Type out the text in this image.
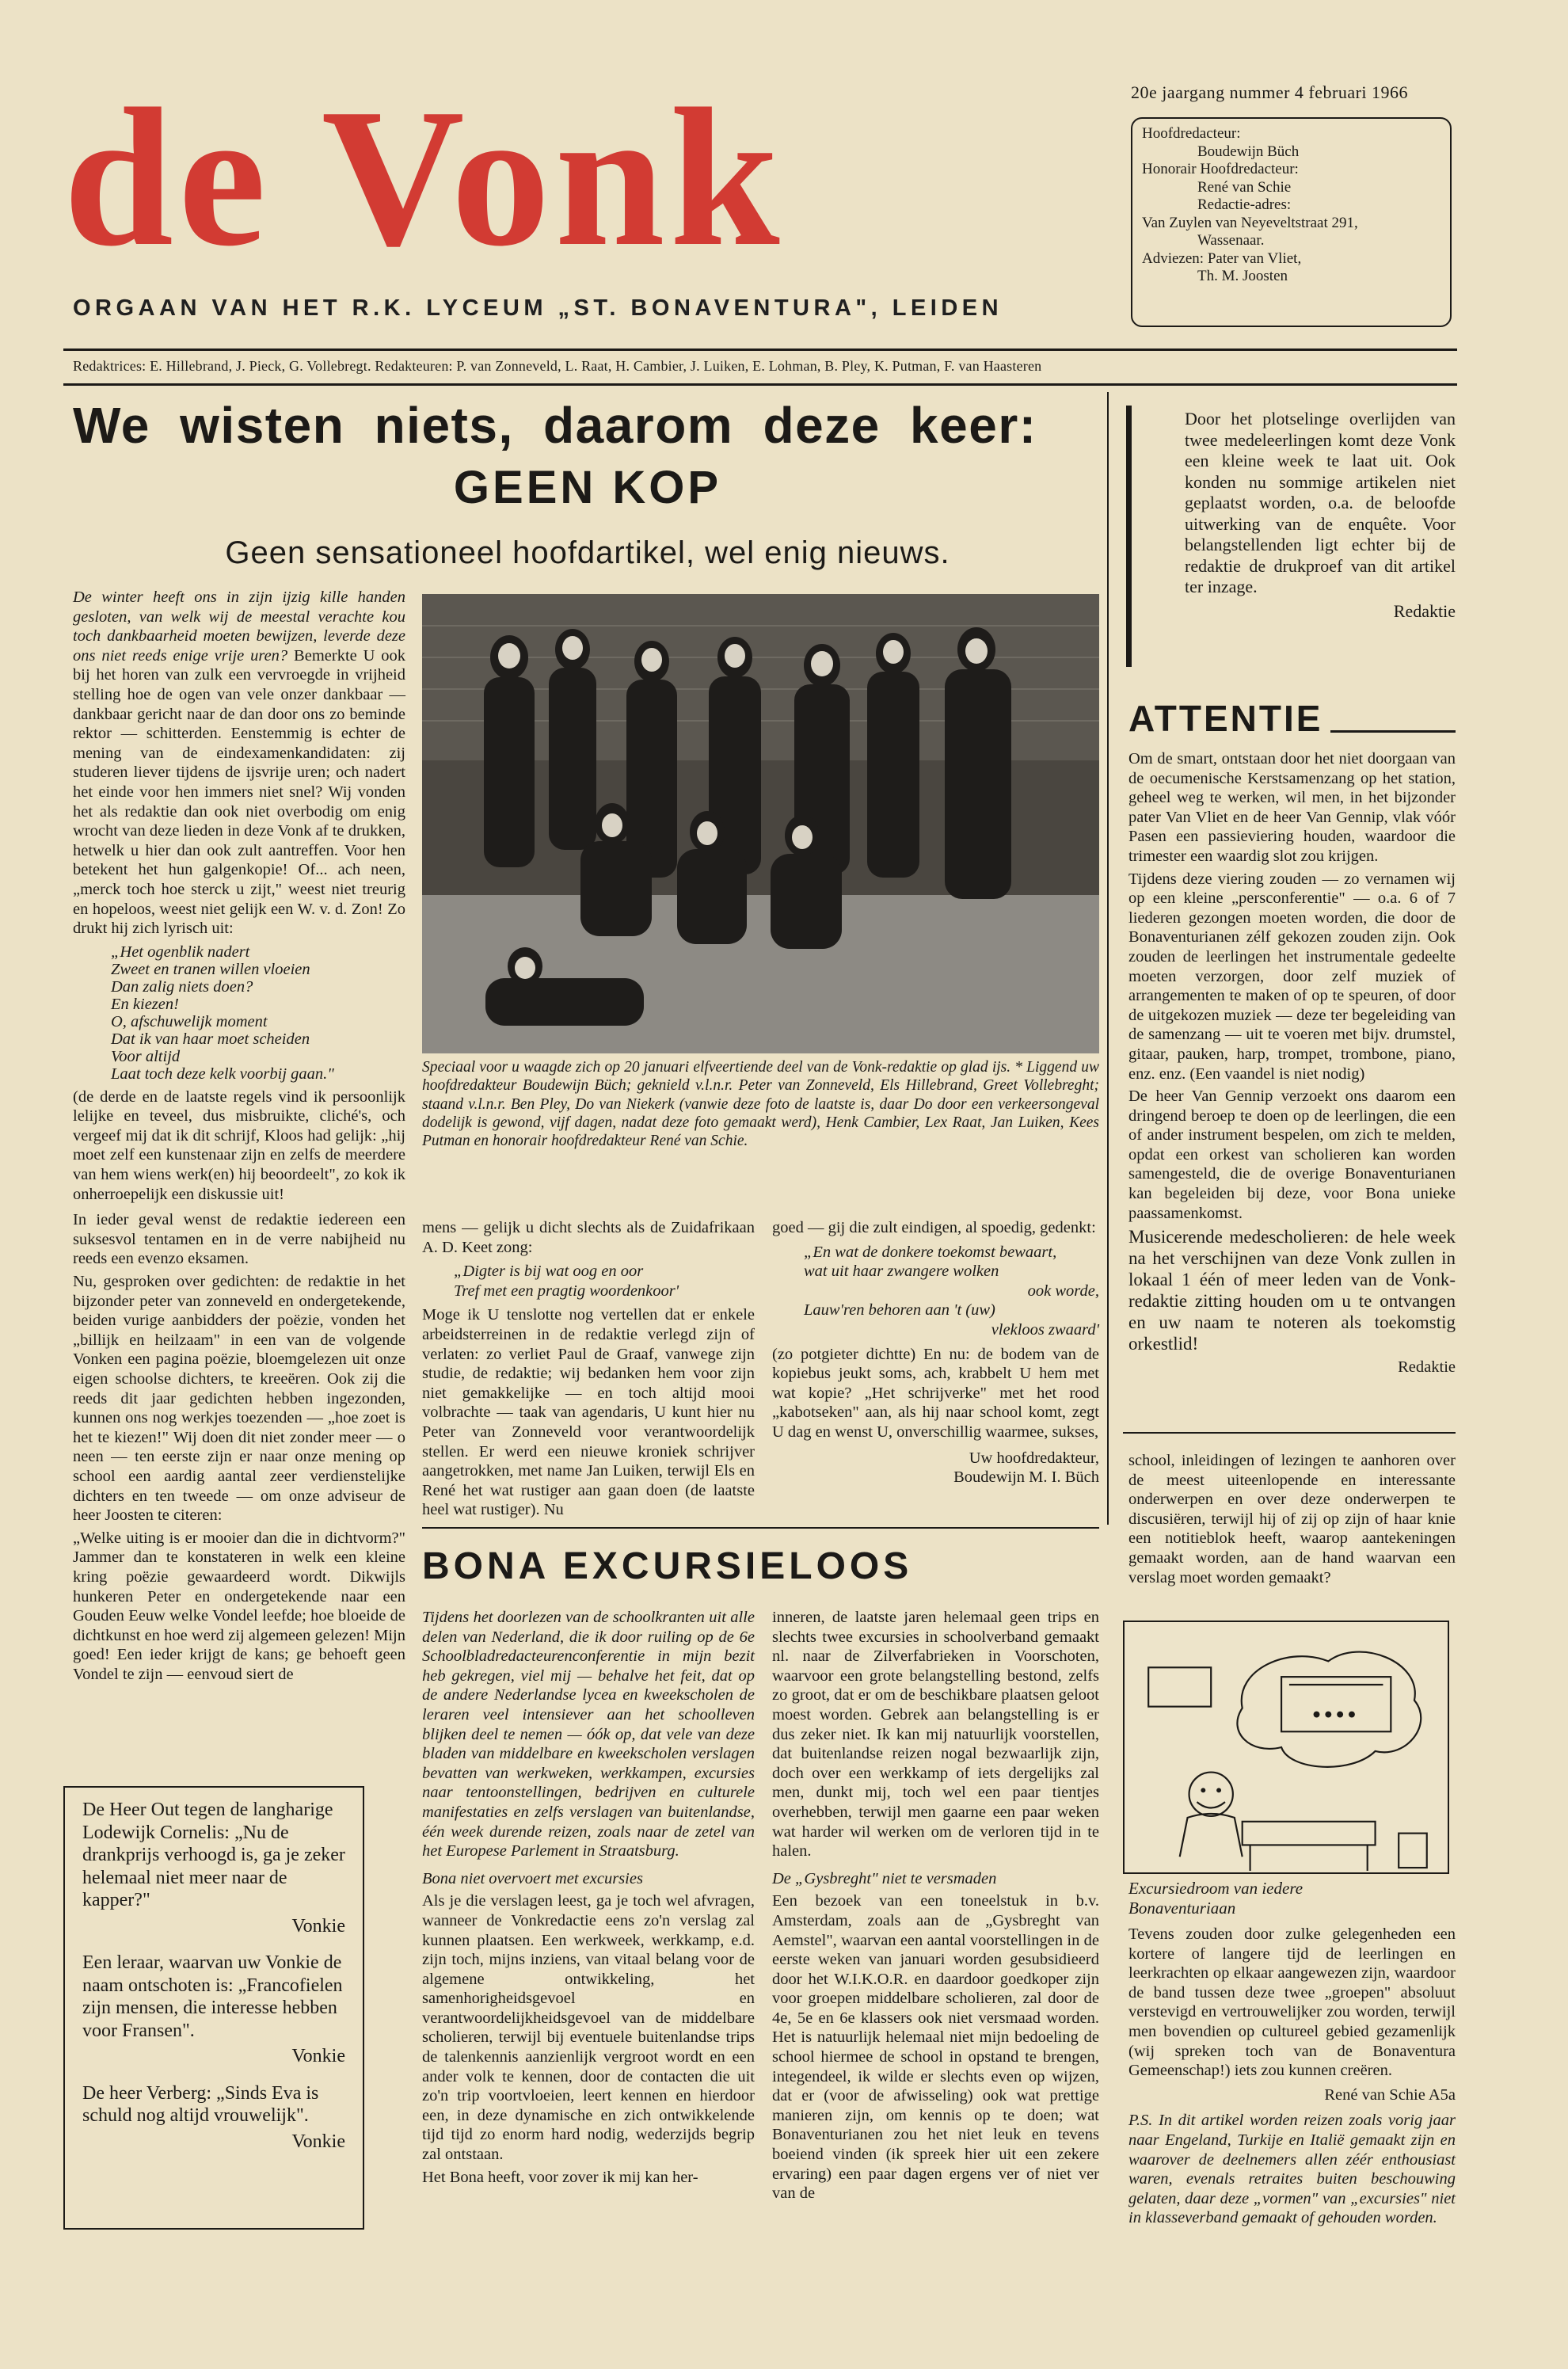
de Vonk
ORGAAN VAN HET R.K. LYCEUM „ST. BONAVENTURA", LEIDEN
20e jaargang nummer 4 februari 1966
Hoofdredacteur:
Boudewijn Büch
Honorair Hoofdredacteur:
René van Schie
Redactie-adres:
Van Zuylen van Neyeveltstraat 291,
Wassenaar.
Adviezen: Pater van Vliet,
Th. M. Joosten
Redaktrices: E. Hillebrand, J. Pieck, G. Vollebregt. Redakteuren: P. van Zonneveld, L. Raat, H. Cambier, J. Luiken, E. Lohman, B. Pley, K. Putman, F. van Haasteren
We wisten niets, daarom deze keer:
GEEN KOP
Geen sensationeel hoofdartikel, wel enig nieuws.

De winter heeft ons in zijn ijzig kille handen gesloten, van welk wij de meestal verachte kou toch dankbaarheid moeten bewijzen, leverde deze ons niet reeds enige vrije uren? Bemerkte U ook bij het horen van zulk een vervroegde in vrijheid stelling hoe de ogen van vele onzer dankbaar — dankbaar gericht naar de dan door ons zo beminde rektor — schitterden. Eenstemmig is echter de mening van de eindexamenkandidaten: zij studeren liever tijdens de ijsvrije uren; och nadert het einde voor hen immers niet snel? Wij vonden het als redaktie dan ook niet overbodig om enig wrocht van deze lieden in deze Vonk af te drukken, hetwelk u hier dan ook zult aantreffen. Voor hen betekent het hun galgenkopie! Of... ach neen, „merck toch hoe sterck u zijt," weest niet treurig en hopeloos, weest niet gelijk een W. v. d. Zon! Zo drukt hij zich lyrisch uit:

„Het ogenblik nadert
Zweet en tranen willen vloeien
Dan zalig niets doen?
En kiezen!
O, afschuwelijk moment
Dat ik van haar moet scheiden
Voor altijd
Laat toch deze kelk voorbij gaan."

(de derde en de laatste regels vind ik persoonlijk lelijke en teveel, dus misbruikte, cliché's, och vergeef mij dat ik dit schrijf, Kloos had gelijk: „hij moet zelf een kunstenaar zijn en zelfs de meerdere van hem wiens werk(en) hij beoordeelt", zo kok ik onherroepelijk een diskussie uit!

In ieder geval wenst de redaktie iedereen een suksesvol tentamen en in de verre nabijheid nu reeds een evenzo eksamen.

Nu, gesproken over gedichten: de redaktie in het bijzonder peter van zonneveld en ondergetekende, beiden vurige aanbidders der poëzie, vonden het „billijk en heilzaam" in een van de volgende Vonken een pagina poëzie, bloemgelezen uit onze eigen schoolse dichters, te kreeëren. Ook zij die reeds dit jaar gedichten hebben ingezonden, kunnen ons nog werkjes toezenden — „hoe zoet is het te kiezen!" Wij doen dit niet zonder meer — o neen — ten eerste zijn er naar onze mening op school een aardig aantal zeer verdienstelijke dichters en ten tweede — om onze adviseur de heer Joosten te citeren:

„Welke uiting is er mooier dan die in dichtvorm?" Jammer dan te konstateren in welk een kleine kring poëzie gewaardeerd wordt. Dikwijls hunkeren Peter en ondergetekende naar een Gouden Eeuw welke Vondel leefde; hoe bloeide de dichtkunst en hoe werd zij algemeen gelezen! Mijn goed! Een ieder krijgt de kans; ge behoeft geen Vondel te zijn — eenvoud siert de

Speciaal voor u waagde zich op 20 januari elfveertiende deel van de Vonk-redaktie op glad ijs. * Liggend uw hoofdredakteur Boudewijn Büch; geknield v.l.n.r. Peter van Zonneveld, Els Hillebrand, Greet Vollebreght; staand v.l.n.r. Ben Pley, Do van Niekerk (vanwie deze foto de laatste is, daar Do door een verkeersongeval dodelijk is gewond, vijf dagen, nadat deze foto gemaakt werd), Henk Cambier, Lex Raat, Jan Luiken, Kees Putman en honorair hoofdredakteur René van Schie.

mens — gelijk u dicht slechts als de Zuidafrikaan A. D. Keet zong:

„Digter is bij wat oog en oor
Tref met een pragtig woordenkoor'

Moge ik U tenslotte nog vertellen dat er enkele arbeidsterreinen in de redaktie verlegd zijn of verlaten: zo verliet Paul de Graaf, vanwege zijn studie, de redaktie; wij bedanken hem voor zijn niet gemakkelijke — en toch altijd mooi volbrachte — taak van agendaris, U kunt hier nu Peter van Zonneveld voor verantwoordelijk stellen. Er werd een nieuwe kroniek schrijver aangetrokken, met name Jan Luiken, terwijl Els en René het wat rustiger aan gaan doen (de laatste heel wat rustiger). Nu

goed — gij die zult eindigen, al spoedig, gedenkt:

„En wat de donkere toekomst bewaart,
wat uit haar zwangere wolken
ook worde,
Lauw'ren behoren aan 't (uw)
vlekloos zwaard'

(zo potgieter dichtte) En nu: de bodem van de kopiebus jeukt soms, ach, krabbelt U hem met wat kopie? „Het schrijverke" met het rood „kabotseken" aan, als hij naar school komt, zegt U dag en wenst U, onverschillig waarmee, sukses,

Uw hoofdredakteur,
Boudewijn M. I. Büch

Door het plotselinge overlijden van twee medeleerlingen komt deze Vonk een kleine week te laat uit. Ook konden nu sommige artikelen niet geplaatst worden, o.a. de beloofde uitwerking van de enquête. Voor belangstellenden ligt echter bij de redaktie de drukproef van dit artikel ter inzage.

Redaktie

ATTENTIE

Om de smart, ontstaan door het niet doorgaan van de oecumenische Kerstsamenzang op het station, geheel weg te werken, wil men, in het bijzonder pater Van Vliet en de heer Van Gennip, vlak vóór Pasen een passieviering houden, waardoor die trimester een waardig slot zou krijgen.

Tijdens deze viering zouden — zo vernamen wij op een kleine „persconferentie" — o.a. 6 of 7 liederen gezongen moeten worden, die door de Bonaventurianen zélf gekozen zouden zijn. Ook zouden de leerlingen het instrumentale gedeelte moeten verzorgen, door zelf muziek of arrangementen te maken of op te speuren, of door de uitgekozen muziek — deze ter begeleiding van de samenzang — uit te voeren met bijv. drumstel, gitaar, pauken, harp, trompet, trombone, piano, enz. enz. (Een vaandel is niet nodig)

De heer Van Gennip verzoekt ons daarom een dringend beroep te doen op de leerlingen, die een of ander instrument bespelen, om zich te melden, opdat een orkest van scholieren kan worden samengesteld, die de overige Bonaventurianen kan begeleiden bij deze, voor Bona unieke paassamenkomst.

Musicerende medescholieren: de hele week na het verschijnen van deze Vonk zullen in lokaal 1 één of meer leden van de Vonk-redaktie zitting houden om u te ontvangen en uw naam te noteren als toekomstig orkestlid!

Redaktie

BONA EXCURSIELOOS

Tijdens het doorlezen van de schoolkranten uit alle delen van Nederland, die ik door ruiling op de 6e Schoolbladredacteurenconferentie in mijn bezit heb gekregen, viel mij — behalve het feit, dat op de andere Nederlandse lycea en kweekscholen de leraren veel intensiever aan het schoolleven blijken deel te nemen — óók op, dat vele van deze bladen van middelbare en kweekscholen verslagen bevatten van werkweken, werkkampen, excursies naar tentoonstellingen, bedrijven en culturele manifestaties en zelfs verslagen van buitenlandse, één week durende reizen, zoals naar de zetel van het Europese Parlement in Straatsburg.

Bona niet overvoert met excursies

Als je die verslagen leest, ga je toch wel afvragen, wanneer de Vonkredactie eens zo'n verslag zal kunnen plaatsen. Een werkweek, werkkamp, e.d. zijn toch, mijns inziens, van vitaal belang voor de algemene ontwikkeling, het samenhorigheidsgevoel en verantwoordelijkheidsgevoel van de middelbare scholieren, terwijl bij eventuele buitenlandse trips de talenkennis aanzienlijk vergroot wordt en een ander volk te kennen, door de contacten die uit zo'n trip voortvloeien, leert kennen en hierdoor een, in deze dynamische en zich ontwikkelende tijd tijd zo enorm hard nodig, wederzijds begrip zal ontstaan.

Het Bona heeft, voor zover ik mij kan her-

inneren, de laatste jaren helemaal geen trips en slechts twee excursies in schoolverband gemaakt nl. naar de Zilverfabrieken in Voorschoten, waarvoor een grote belangstelling bestond, zelfs zo groot, dat er om de beschikbare plaatsen geloot moest worden. Gebrek aan belangstelling is er dus zeker niet. Ik kan mij natuurlijk voorstellen, dat buitenlandse reizen nogal bezwaarlijk zijn, doch over een werkkamp of iets dergelijks zal men, dunkt mij, toch wel een paar tientjes overhebben, terwijl men gaarne een paar weken wat harder wil werken om de verloren tijd in te halen.

De „Gysbreght" niet te versmaden

Een bezoek van een toneelstuk in b.v. Amsterdam, zoals aan de „Gysbreght van Aemstel", waarvan een aantal voorstellingen in de eerste weken van januari worden gesubsidieerd door het W.I.K.O.R. en daardoor goedkoper zijn voor groepen middelbare scholieren, zal door de 4e, 5e en 6e klassers ook niet versmaad worden. Het is natuurlijk helemaal niet mijn bedoeling de school hiermee de school in opstand te brengen, integendeel, ik wilde er slechts even op wijzen, dat er (voor de afwisseling) ook wat prettige manieren zijn, om kennis op te doen; wat Bonaventurianen zou het niet leuk en tevens boeiend vinden (ik spreek hier uit een zekere ervaring) een paar dagen ergens ver of niet ver van de

school, inleidingen of lezingen te aanhoren over de meest uiteenlopende en interessante onderwerpen en over deze onderwerpen te discusiëren, terwijl hij of zij op zijn of haar knie een notitieblok heeft, waarop aantekeningen gemaakt worden, aan de hand waarvan een verslag moet worden gemaakt?
Excursiedroom van iedere
Bonaventuriaan

Tevens zouden door zulke gelegenheden een kortere of langere tijd de leerlingen en leerkrachten op elkaar aangewezen zijn, waardoor de band tussen deze twee „groepen" absoluut verstevigd en vertrouwelijker zou worden, terwijl men bovendien op cultureel gebied gezamenlijk (wij spreken toch van de Bonaventura Gemeenschap!) iets zou kunnen creëren.

René van Schie A5a

P.S. In dit artikel worden reizen zoals vorig jaar naar Engeland, Turkije en Italië gemaakt zijn en waarover de deelnemers allen zéér enthousiast waren, evenals retraites buiten beschouwing gelaten, daar deze „vormen" van „excursies" niet in klasseverband gemaakt of gehouden worden.

De Heer Out tegen de langharige Lodewijk Cornelis: „Nu de drankprijs verhoogd is, ga je zeker helemaal niet meer naar de kapper?"
Vonkie
Een leraar, waarvan uw Vonkie de naam ontschoten is: „Francofielen zijn mensen, die interesse hebben voor Fransen".
Vonkie
De heer Verberg: „Sinds Eva is schuld nog altijd vrouwelijk".
Vonkie
